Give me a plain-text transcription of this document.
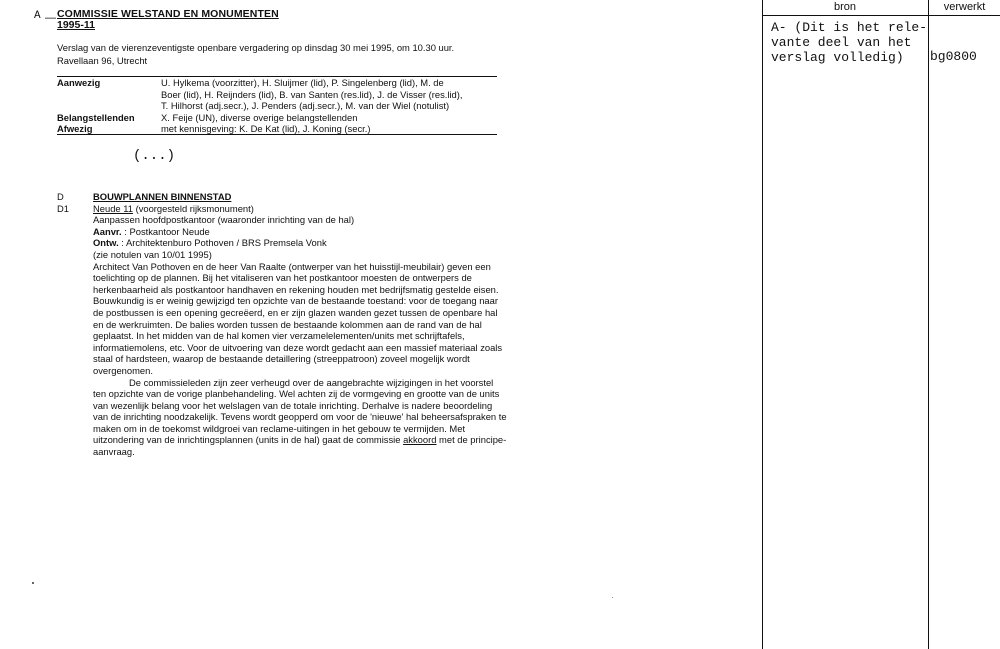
A — COMMISSIE WELSTAND EN MONUMENTEN
1995-11
Verslag van de vierenzeventigste openbare vergadering op dinsdag 30 mei 1995, om 10.30 uur.
Ravellaan 96, Utrecht
Aanwezig	U. Hylkema (voorzitter), H. Sluijmer (lid), P. Singelenberg (lid), M. de
Boer (lid), H. Reijnders (lid), B. van Santen (res.lid), J. de Visser (res.lid),
T. Hilhorst (adj.secr.), J. Penders (adj.secr.), M. van der Wiel (notulist)
Belangstellenden	X. Feije (UN), diverse overige belangstellenden
Afwezig	met kennisgeving: K. De Kat (lid), J. Koning (secr.)
(...)
D	BOUWPLANNEN BINNENSTAD
D1	Neude 11 (voorgesteld rijksmonument)
Aanpassen hoofdpostkantoor (waaronder inrichting van de hal)
Aanvr. : Postkantoor Neude
Ontw. : Architektenburo Pothoven / BRS Premsela Vonk
(zie notulen van 10/01 1995)

Architect Van Pothoven en de heer Van Raalte (ontwerper van het huisstijl-meubilair) geven een toelichting op de plannen. Bij het vitaliseren van het postkantoor moesten de ontwerpers de herkenbaarheid als postkantoor handhaven en rekening houden met bedrijfsmatig gestelde eisen. Bouwkundig is er weinig gewijzigd ten opzichte van de bestaande toestand: voor de toegang naar de postbussen is een opening gecreëerd, en er zijn glazen wanden gezet tussen de openbare hal en de werkruimten. De balies worden tussen de bestaande kolommen aan de rand van de hal geplaatst. In het midden van de hal komen vier verzamelelementen/units met schrijftafels, informatiemolens, etc. Voor de uitvoering van deze wordt gedacht aan een massief materiaal zoals staal of hardsteen, waarop de bestaande detaillering (streeppatroon) zoveel mogelijk wordt overgenomen.

De commissieleden zijn zeer verheugd over de aangebrachte wijzigingen in het voorstel ten opzichte van de vorige planbehandeling. Wel achten zij de vormgeving en grootte van de units van wezenlijk belang voor het welslagen van de totale inrichting. Derhalve is nadere beoordeling van de inrichting noodzakelijk. Tevens wordt geopperd om voor de 'nieuwe' hal beheersafspraken te maken om in de toekomst wildgroei van reclame-uitingen in het gebouw te vermijden. Met uitzondering van de inrichtingsplannen (units in de hal) gaat de commissie akkoord met de principe-aanvraag.

bron	verwerkt
A- (Dit is het rele-
vante deel van het
verslag volledig)	bg0800
